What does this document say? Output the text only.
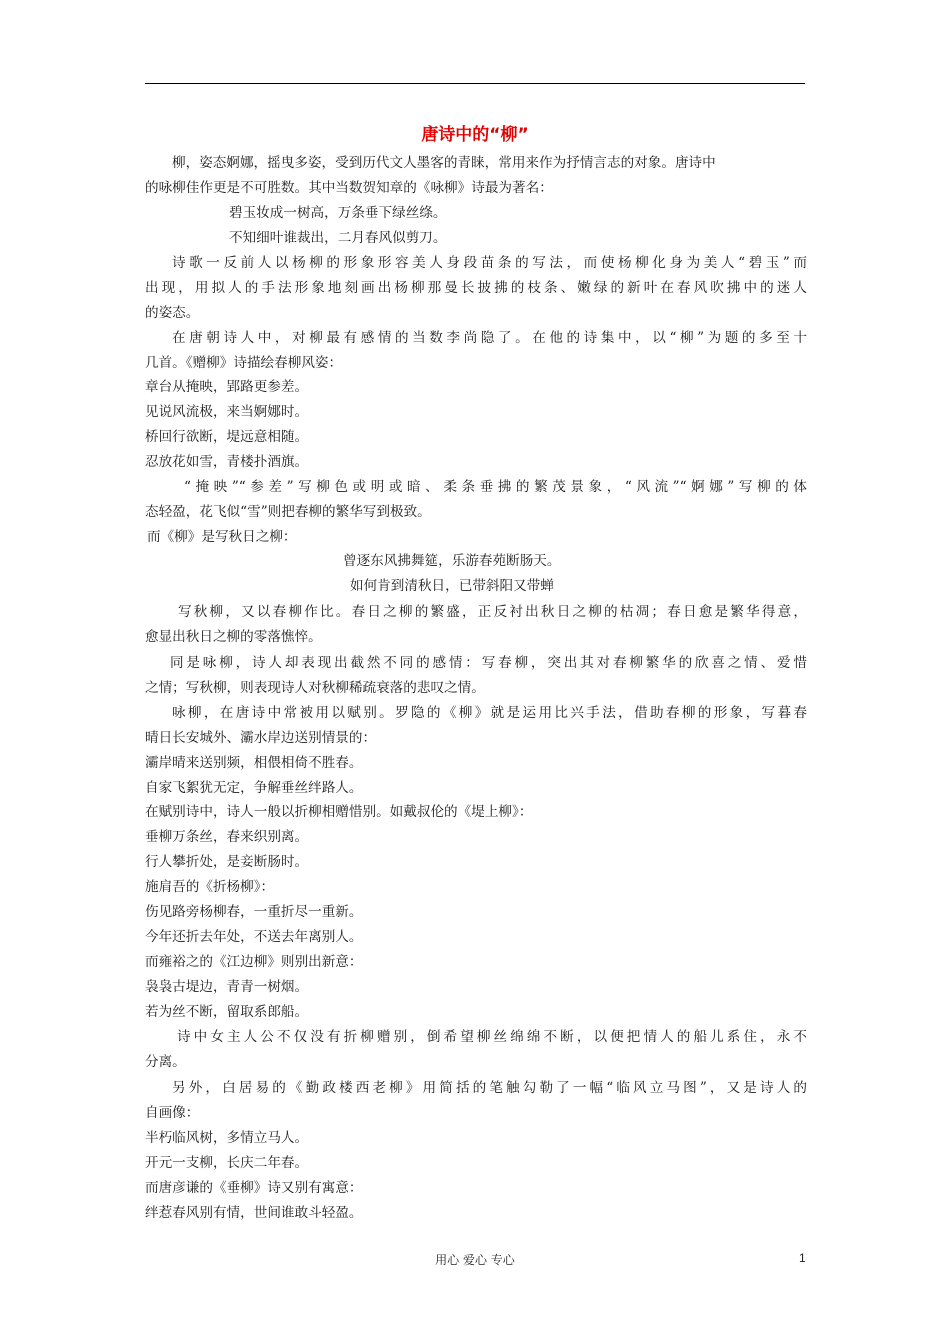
唐诗中的“柳”
柳，姿态婀娜，摇曳多姿，受到历代文人墨客的青睐，常用来作为抒情言志的对象。唐诗中
的咏柳佳作更是不可胜数。其中当数贺知章的《咏柳》诗最为著名：
碧玉妆成一树高，万条垂下绿丝绦。
不知细叶谁裁出，二月春风似剪刀。
诗歌一反前人以杨柳的形象形容美人身段苗条的写法，而使杨柳化身为美人“碧玉”而
出现，用拟人的手法形象地刻画出杨柳那曼长披拂的枝条、嫩绿的新叶在春风吹拂中的迷人
的姿态。
在唐朝诗人中，对柳最有感情的当数李尚隐了。在他的诗集中，以“柳”为题的多至十
几首。《赠柳》诗描绘春柳风姿：
章台从掩映，郢路更参差。
见说风流极，来当婀娜时。
桥回行欲断，堤远意相随。
忍放花如雪，青楼扑酒旗。
“掩映”“参差”写柳色或明或暗、柔条垂拂的繁茂景象，“风流”“婀娜”写柳的体
态轻盈，花飞似“雪”则把春柳的繁华写到极致。
而《柳》是写秋日之柳：
曾逐东风拂舞筵，乐游春苑断肠天。
如何肯到清秋日，已带斜阳又带蝉
写秋柳，又以春柳作比。春日之柳的繁盛，正反衬出秋日之柳的枯凋；春日愈是繁华得意，
愈显出秋日之柳的零落憔悴。
同是咏柳，诗人却表现出截然不同的感情：写春柳，突出其对春柳繁华的欣喜之情、爱惜
之情；写秋柳，则表现诗人对秋柳稀疏衰落的悲叹之情。
咏柳，在唐诗中常被用以赋别。罗隐的《柳》就是运用比兴手法，借助春柳的形象，写暮春
晴日长安城外、灞水岸边送别情景的：
灞岸晴来送别频，相偎相倚不胜春。
自家飞絮犹无定，争解垂丝绊路人。
在赋别诗中，诗人一般以折柳相赠惜别。如戴叔伦的《堤上柳》：
垂柳万条丝，春来织别离。
行人攀折处，是妾断肠时。
施肩吾的《折杨柳》：
伤见路旁杨柳春，一重折尽一重新。
今年还折去年处，不送去年离别人。
而雍裕之的《江边柳》则别出新意：
袅袅古堤边，青青一树烟。
若为丝不断，留取系郎船。
诗中女主人公不仅没有折柳赠别，倒希望柳丝绵绵不断，以便把情人的船儿系住，永不
分离。
另外，白居易的《勤政楼西老柳》用简括的笔触勾勒了一幅“临风立马图”，又是诗人的
自画像：
半朽临风树，多情立马人。
开元一支柳，长庆二年春。
而唐彦谦的《垂柳》诗又别有寓意：
绊惹春风别有情，世间谁敢斗轻盈。
用心 爱心 专心	1
